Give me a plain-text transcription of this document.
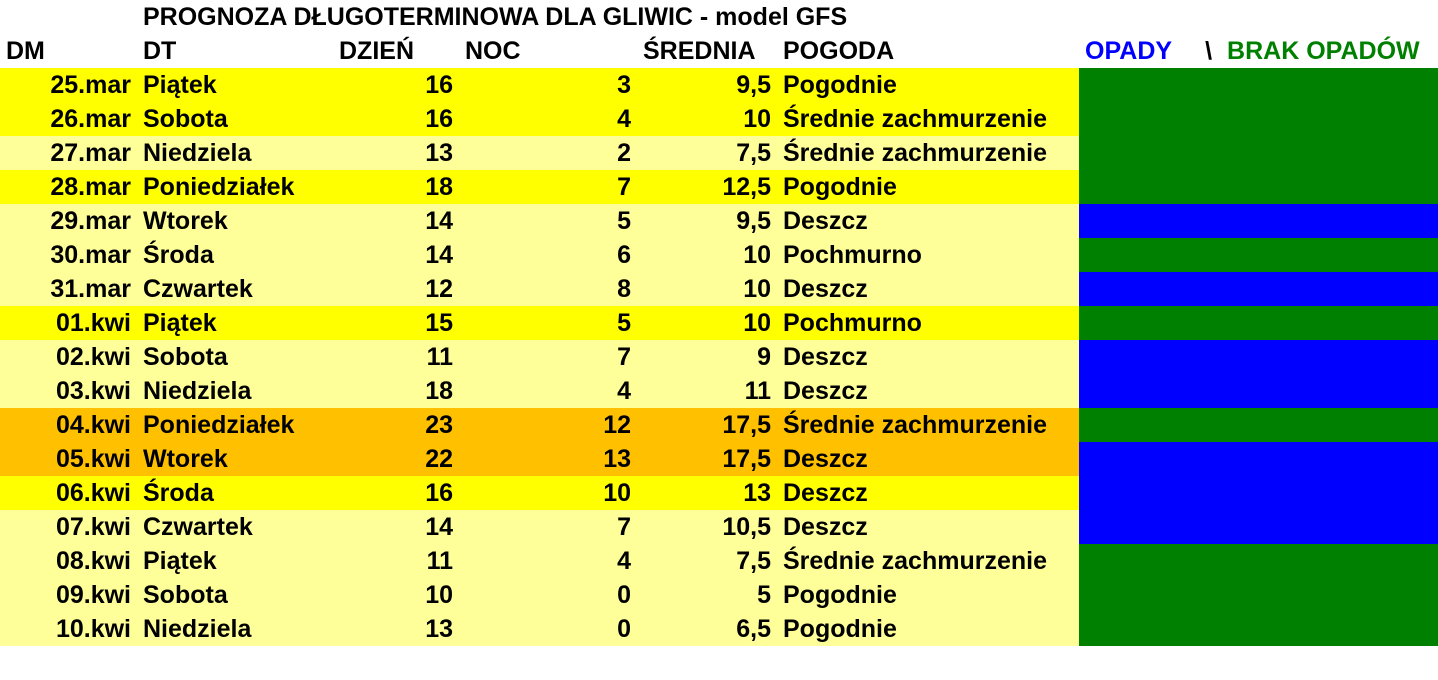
	PROGNOZA DŁUGOTERMINOWA DLA GLIWIC - model GFS							
DM	DT	DZIEŃ	NOC	ŚREDNIA	POGODA	OPADY	\	BRAK OPADÓW
25.mar	Piątek	16	3	9,5	Pogodnie			
26.mar	Sobota	16	4	10	Średnie zachmurzenie			
27.mar	Niedziela	13	2	7,5	Średnie zachmurzenie			
28.mar	Poniedziałek	18	7	12,5	Pogodnie			
29.mar	Wtorek	14	5	9,5	Deszcz			
30.mar	Środa	14	6	10	Pochmurno			
31.mar	Czwartek	12	8	10	Deszcz			
01.kwi	Piątek	15	5	10	Pochmurno			
02.kwi	Sobota	11	7	9	Deszcz			
03.kwi	Niedziela	18	4	11	Deszcz			
04.kwi	Poniedziałek	23	12	17,5	Średnie zachmurzenie			
05.kwi	Wtorek	22	13	17,5	Deszcz			
06.kwi	Środa	16	10	13	Deszcz			
07.kwi	Czwartek	14	7	10,5	Deszcz			
08.kwi	Piątek	11	4	7,5	Średnie zachmurzenie			
09.kwi	Sobota	10	0	5	Pogodnie			
10.kwi	Niedziela	13	0	6,5	Pogodnie			
